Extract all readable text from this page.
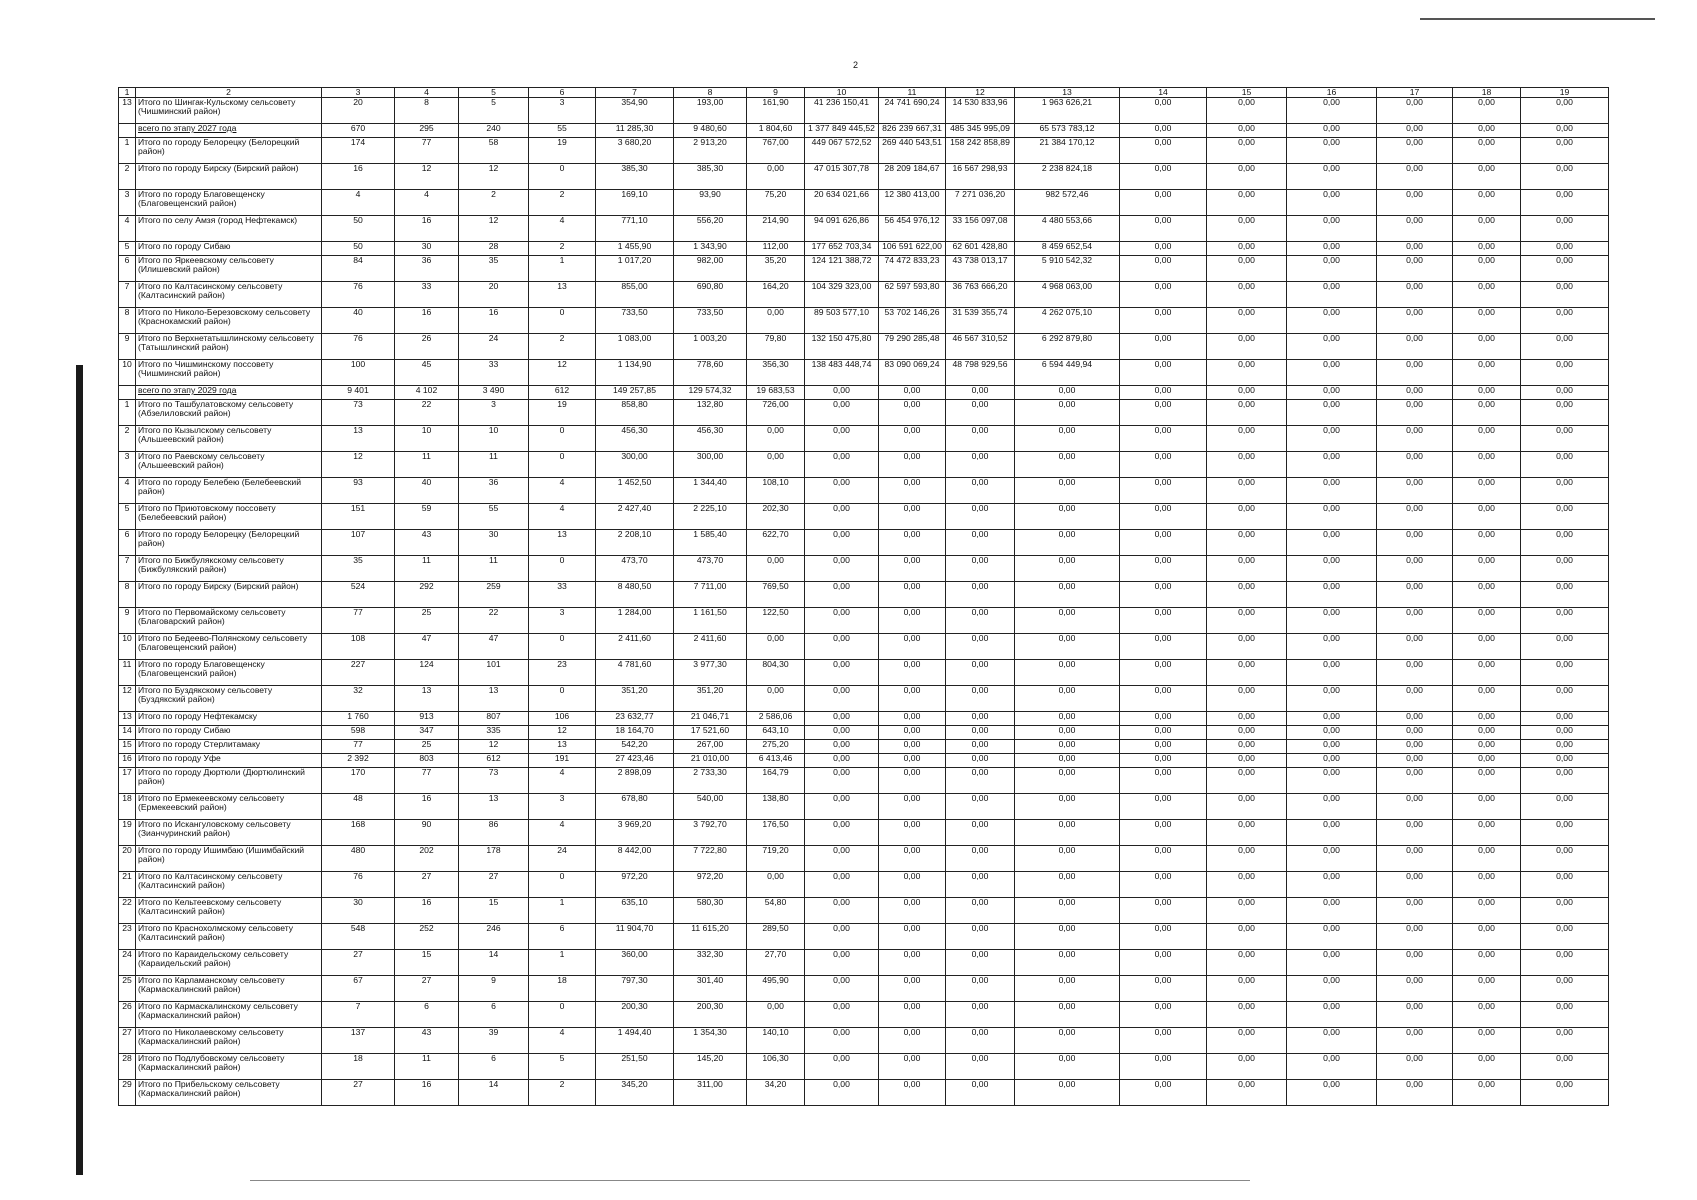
2
1	2	3	4	5	6	7	8	9	10	11	12	13	14	15	16	17	18	19
13	Итого по Шингак-Кульскому сельсовету (Чишминский район)	20	8	5	3	354,90	193,00	161,90	41 236 150,41	24 741 690,24	14 530 833,96	1 963 626,21	0,00	0,00	0,00	0,00	0,00	0,00
	всего по этапу 2027 года	670	295	240	55	11 285,30	9 480,60	1 804,60	1 377 849 445,52	826 239 667,31	485 345 995,09	65 573 783,12	0,00	0,00	0,00	0,00	0,00	0,00
1	Итого по городу Белорецку (Белорецкий район)	174	77	58	19	3 680,20	2 913,20	767,00	449 067 572,52	269 440 543,51	158 242 858,89	21 384 170,12	0,00	0,00	0,00	0,00	0,00	0,00
2	Итого по городу Бирску (Бирский район)	16	12	12	0	385,30	385,30	0,00	47 015 307,78	28 209 184,67	16 567 298,93	2 238 824,18	0,00	0,00	0,00	0,00	0,00	0,00
3	Итого по городу Благовещенску (Благовещенский район)	4	4	2	2	169,10	93,90	75,20	20 634 021,66	12 380 413,00	7 271 036,20	982 572,46	0,00	0,00	0,00	0,00	0,00	0,00
4	Итого по селу Амзя (город Нефтекамск)	50	16	12	4	771,10	556,20	214,90	94 091 626,86	56 454 976,12	33 156 097,08	4 480 553,66	0,00	0,00	0,00	0,00	0,00	0,00
5	Итого по городу Сибаю	50	30	28	2	1 455,90	1 343,90	112,00	177 652 703,34	106 591 622,00	62 601 428,80	8 459 652,54	0,00	0,00	0,00	0,00	0,00	0,00
6	Итого по Яркеевскому сельсовету (Илишевский район)	84	36	35	1	1 017,20	982,00	35,20	124 121 388,72	74 472 833,23	43 738 013,17	5 910 542,32	0,00	0,00	0,00	0,00	0,00	0,00
7	Итого по Калтасинскому сельсовету (Калтасинский район)	76	33	20	13	855,00	690,80	164,20	104 329 323,00	62 597 593,80	36 763 666,20	4 968 063,00	0,00	0,00	0,00	0,00	0,00	0,00
8	Итого по Николо-Березовскому сельсовету (Краснокамский район)	40	16	16	0	733,50	733,50	0,00	89 503 577,10	53 702 146,26	31 539 355,74	4 262 075,10	0,00	0,00	0,00	0,00	0,00	0,00
9	Итого по Верхнетатышлинскому сельсовету (Татышлинский район)	76	26	24	2	1 083,00	1 003,20	79,80	132 150 475,80	79 290 285,48	46 567 310,52	6 292 879,80	0,00	0,00	0,00	0,00	0,00	0,00
10	Итого по Чишминскому поссовету (Чишминский район)	100	45	33	12	1 134,90	778,60	356,30	138 483 448,74	83 090 069,24	48 798 929,56	6 594 449,94	0,00	0,00	0,00	0,00	0,00	0,00
	всего по этапу 2029 года	9 401	4 102	3 490	612	149 257,85	129 574,32	19 683,53	0,00	0,00	0,00	0,00	0,00	0,00	0,00	0,00	0,00	0,00
1	Итого по Ташбулатовскому сельсовету (Абзелиловский район)	73	22	3	19	858,80	132,80	726,00	0,00	0,00	0,00	0,00	0,00	0,00	0,00	0,00	0,00	0,00
2	Итого по Кызылскому сельсовету (Альшеевский район)	13	10	10	0	456,30	456,30	0,00	0,00	0,00	0,00	0,00	0,00	0,00	0,00	0,00	0,00	0,00
3	Итого по Раевскому сельсовету (Альшеевский район)	12	11	11	0	300,00	300,00	0,00	0,00	0,00	0,00	0,00	0,00	0,00	0,00	0,00	0,00	0,00
4	Итого по городу Белебею (Белебеевский район)	93	40	36	4	1 452,50	1 344,40	108,10	0,00	0,00	0,00	0,00	0,00	0,00	0,00	0,00	0,00	0,00
5	Итого по Приютовскому поссовету (Белебеевский район)	151	59	55	4	2 427,40	2 225,10	202,30	0,00	0,00	0,00	0,00	0,00	0,00	0,00	0,00	0,00	0,00
6	Итого по городу Белорецку (Белорецкий район)	107	43	30	13	2 208,10	1 585,40	622,70	0,00	0,00	0,00	0,00	0,00	0,00	0,00	0,00	0,00	0,00
7	Итого по Бижбулякскому сельсовету (Бижбулякский район)	35	11	11	0	473,70	473,70	0,00	0,00	0,00	0,00	0,00	0,00	0,00	0,00	0,00	0,00	0,00
8	Итого по городу Бирску (Бирский район)	524	292	259	33	8 480,50	7 711,00	769,50	0,00	0,00	0,00	0,00	0,00	0,00	0,00	0,00	0,00	0,00
9	Итого по Первомайскому сельсовету (Благоварский район)	77	25	22	3	1 284,00	1 161,50	122,50	0,00	0,00	0,00	0,00	0,00	0,00	0,00	0,00	0,00	0,00
10	Итого по Бедеево-Полянскому сельсовету (Благовещенский район)	108	47	47	0	2 411,60	2 411,60	0,00	0,00	0,00	0,00	0,00	0,00	0,00	0,00	0,00	0,00	0,00
11	Итого по городу Благовещенску (Благовещенский район)	227	124	101	23	4 781,60	3 977,30	804,30	0,00	0,00	0,00	0,00	0,00	0,00	0,00	0,00	0,00	0,00
12	Итого по Буздякскому сельсовету (Буздякский район)	32	13	13	0	351,20	351,20	0,00	0,00	0,00	0,00	0,00	0,00	0,00	0,00	0,00	0,00	0,00
13	Итого по городу Нефтекамску	1 760	913	807	106	23 632,77	21 046,71	2 586,06	0,00	0,00	0,00	0,00	0,00	0,00	0,00	0,00	0,00	0,00
14	Итого по городу Сибаю	598	347	335	12	18 164,70	17 521,60	643,10	0,00	0,00	0,00	0,00	0,00	0,00	0,00	0,00	0,00	0,00
15	Итого по городу Стерлитамаку	77	25	12	13	542,20	267,00	275,20	0,00	0,00	0,00	0,00	0,00	0,00	0,00	0,00	0,00	0,00
16	Итого по городу Уфе	2 392	803	612	191	27 423,46	21 010,00	6 413,46	0,00	0,00	0,00	0,00	0,00	0,00	0,00	0,00	0,00	0,00
17	Итого по городу Дюртюли (Дюртюлинский район)	170	77	73	4	2 898,09	2 733,30	164,79	0,00	0,00	0,00	0,00	0,00	0,00	0,00	0,00	0,00	0,00
18	Итого по Ермекеевскому сельсовету (Ермекеевский район)	48	16	13	3	678,80	540,00	138,80	0,00	0,00	0,00	0,00	0,00	0,00	0,00	0,00	0,00	0,00
19	Итого по Искангуловскому сельсовету (Зианчуринский район)	168	90	86	4	3 969,20	3 792,70	176,50	0,00	0,00	0,00	0,00	0,00	0,00	0,00	0,00	0,00	0,00
20	Итого по городу Ишимбаю (Ишимбайский район)	480	202	178	24	8 442,00	7 722,80	719,20	0,00	0,00	0,00	0,00	0,00	0,00	0,00	0,00	0,00	0,00
21	Итого по Калтасинскому сельсовету (Калтасинский район)	76	27	27	0	972,20	972,20	0,00	0,00	0,00	0,00	0,00	0,00	0,00	0,00	0,00	0,00	0,00
22	Итого по Кельтеевскому сельсовету (Калтасинский район)	30	16	15	1	635,10	580,30	54,80	0,00	0,00	0,00	0,00	0,00	0,00	0,00	0,00	0,00	0,00
23	Итого по Краснохолмскому сельсовету (Калтасинский район)	548	252	246	6	11 904,70	11 615,20	289,50	0,00	0,00	0,00	0,00	0,00	0,00	0,00	0,00	0,00	0,00
24	Итого по Караидельскому сельсовету (Караидельский район)	27	15	14	1	360,00	332,30	27,70	0,00	0,00	0,00	0,00	0,00	0,00	0,00	0,00	0,00	0,00
25	Итого по Карламанскому сельсовету (Кармаскалинский район)	67	27	9	18	797,30	301,40	495,90	0,00	0,00	0,00	0,00	0,00	0,00	0,00	0,00	0,00	0,00
26	Итого по Кармаскалинскому сельсовету (Кармаскалинский район)	7	6	6	0	200,30	200,30	0,00	0,00	0,00	0,00	0,00	0,00	0,00	0,00	0,00	0,00	0,00
27	Итого по Николаевскому сельсовету (Кармаскалинский район)	137	43	39	4	1 494,40	1 354,30	140,10	0,00	0,00	0,00	0,00	0,00	0,00	0,00	0,00	0,00	0,00
28	Итого по Подлубовскому сельсовету (Кармаскалинский район)	18	11	6	5	251,50	145,20	106,30	0,00	0,00	0,00	0,00	0,00	0,00	0,00	0,00	0,00	0,00
29	Итого по Прибельскому сельсовету (Кармаскалинский район)	27	16	14	2	345,20	311,00	34,20	0,00	0,00	0,00	0,00	0,00	0,00	0,00	0,00	0,00	0,00
